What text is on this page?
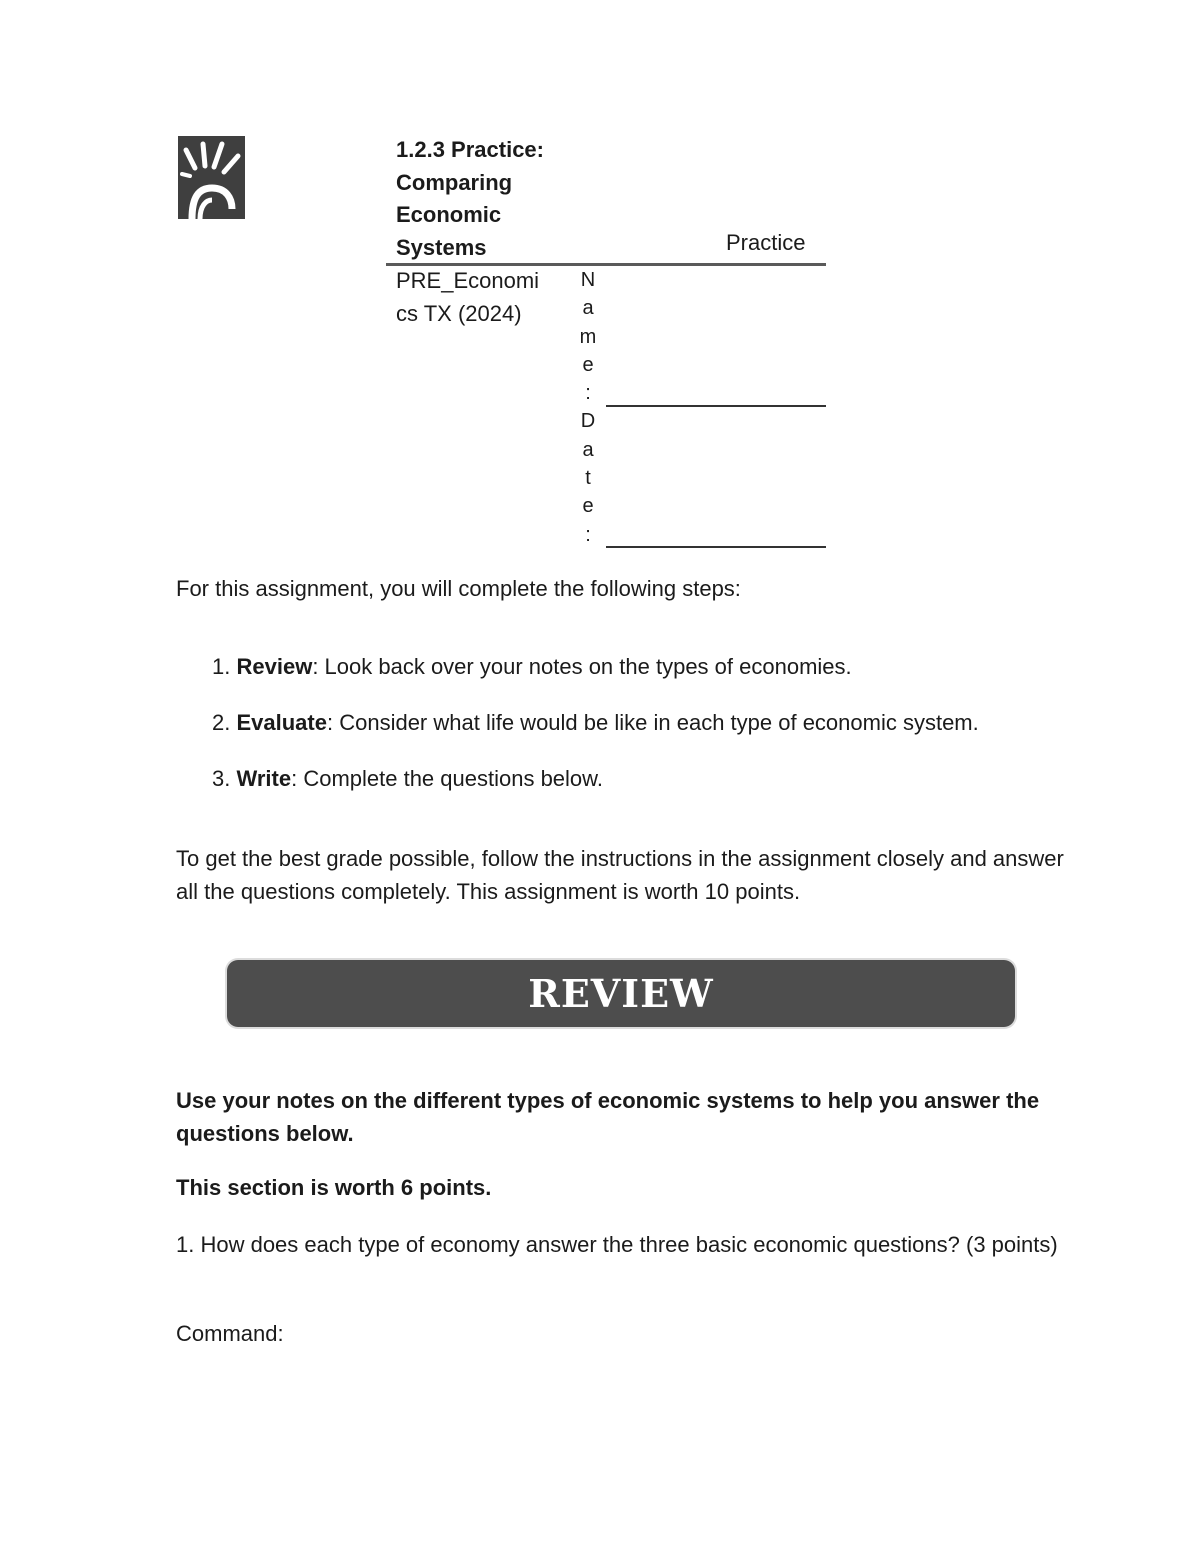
1.2.3 Practice:
Comparing
Economic
Systems	Practice
PRE_Economi
cs TX (2024)
N
a
m
e
:
D
a
t
e
:

For this assignment, you will complete the following steps:

1. Review: Look back over your notes on the types of economies.
2. Evaluate: Consider what life would be like in each type of economic system.
3. Write: Complete the questions below.

To get the best grade possible, follow the instructions in the assignment closely and answer all the questions completely. This assignment is worth 10 points.

REVIEW

Use your notes on the different types of economic systems to help you answer the questions below.

This section is worth 6 points.

1. How does each type of economy answer the three basic economic questions? (3 points)

Command:
